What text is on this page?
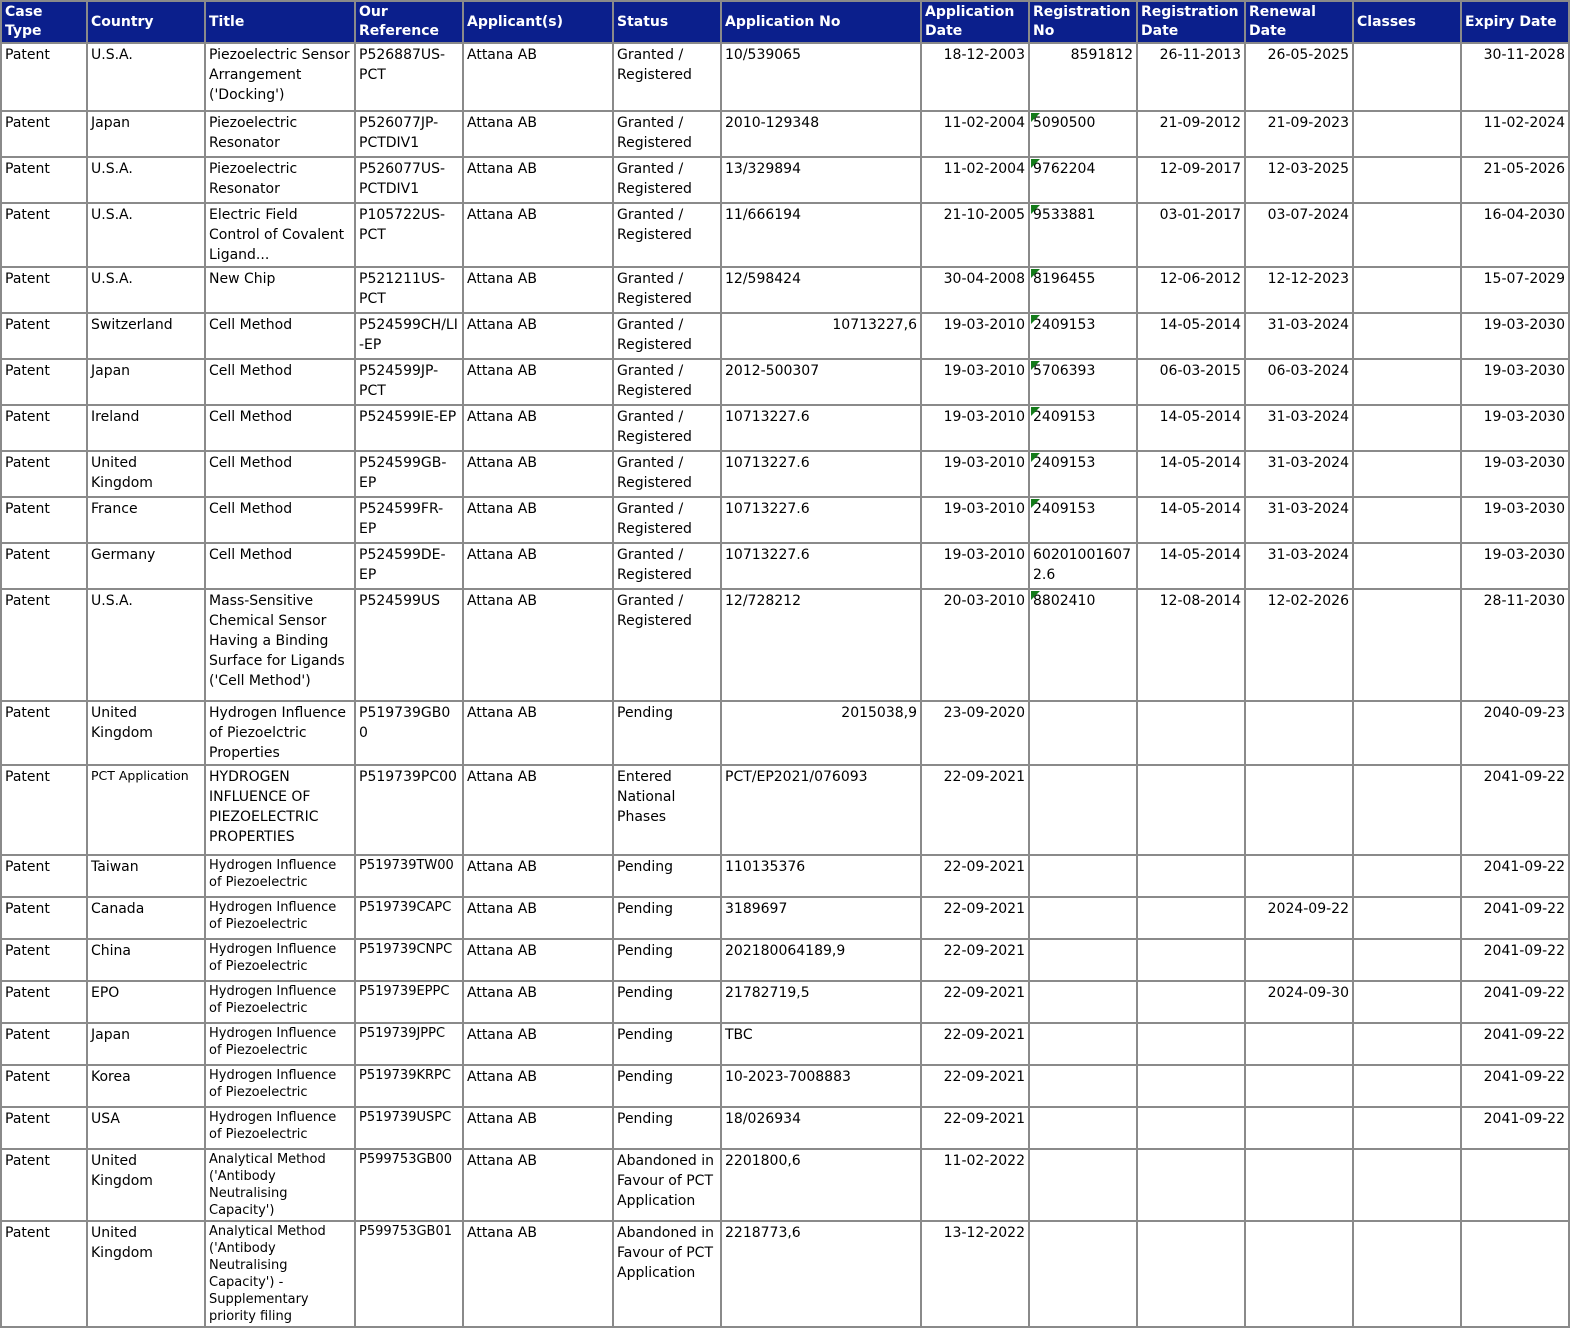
Case Type	Country	Title	Our Reference	Applicant(s)	Status	Application No	Application Date	Registration No	Registration Date	Renewal Date	Classes	Expiry Date
Patent	U.S.A.	Piezoelectric Sensor Arrangement ('Docking')	P526887US-PCT	Attana AB	Granted / Registered	10/539065	18-12-2003	8591812	26-11-2013	26-05-2025		30-11-2028
Patent	Japan	Piezoelectric Resonator	P526077JP-PCTDIV1	Attana AB	Granted / Registered	2010-129348	11-02-2004	5090500	21-09-2012	21-09-2023		11-02-2024
Patent	U.S.A.	Piezoelectric Resonator	P526077US-PCTDIV1	Attana AB	Granted / Registered	13/329894	11-02-2004	9762204	12-09-2017	12-03-2025		21-05-2026
Patent	U.S.A.	Electric Field Control of Covalent Ligand...	P105722US-PCT	Attana AB	Granted / Registered	11/666194	21-10-2005	9533881	03-01-2017	03-07-2024		16-04-2030
Patent	U.S.A.	New Chip	P521211US-PCT	Attana AB	Granted / Registered	12/598424	30-04-2008	8196455	12-06-2012	12-12-2023		15-07-2029
Patent	Switzerland	Cell Method	P524599CH/LI-EP	Attana AB	Granted / Registered	10713227,6	19-03-2010	2409153	14-05-2014	31-03-2024		19-03-2030
Patent	Japan	Cell Method	P524599JP-PCT	Attana AB	Granted / Registered	2012-500307	19-03-2010	5706393	06-03-2015	06-03-2024		19-03-2030
Patent	Ireland	Cell Method	P524599IE-EP	Attana AB	Granted / Registered	10713227.6	19-03-2010	2409153	14-05-2014	31-03-2024		19-03-2030
Patent	United Kingdom	Cell Method	P524599GB-EP	Attana AB	Granted / Registered	10713227.6	19-03-2010	2409153	14-05-2014	31-03-2024		19-03-2030
Patent	France	Cell Method	P524599FR-EP	Attana AB	Granted / Registered	10713227.6	19-03-2010	2409153	14-05-2014	31-03-2024		19-03-2030
Patent	Germany	Cell Method	P524599DE-EP	Attana AB	Granted / Registered	10713227.6	19-03-2010	602010016072.6	14-05-2014	31-03-2024		19-03-2030
Patent	U.S.A.	Mass-Sensitive Chemical Sensor Having a Binding Surface for Ligands ('Cell Method')	P524599US	Attana AB	Granted / Registered	12/728212	20-03-2010	8802410	12-08-2014	12-02-2026		28-11-2030
Patent	United Kingdom	Hydrogen Influence of Piezoelctric Properties	P519739GB00	Attana AB	Pending	2015038,9	23-09-2020					2040-09-23
Patent	PCT Application	HYDROGEN INFLUENCE OF PIEZOELECTRIC PROPERTIES	P519739PC00	Attana AB	Entered National Phases	PCT/EP2021/076093	22-09-2021					2041-09-22
Patent	Taiwan	Hydrogen Influence of Piezoelectric	P519739TW00	Attana AB	Pending	110135376	22-09-2021					2041-09-22
Patent	Canada	Hydrogen Influence of Piezoelectric	P519739CAPC	Attana AB	Pending	3189697	22-09-2021			2024-09-22		2041-09-22
Patent	China	Hydrogen Influence of Piezoelectric	P519739CNPC	Attana AB	Pending	202180064189,9	22-09-2021					2041-09-22
Patent	EPO	Hydrogen Influence of Piezoelectric	P519739EPPC	Attana AB	Pending	21782719,5	22-09-2021			2024-09-30		2041-09-22
Patent	Japan	Hydrogen Influence of Piezoelectric	P519739JPPC	Attana AB	Pending	TBC	22-09-2021					2041-09-22
Patent	Korea	Hydrogen Influence of Piezoelectric	P519739KRPC	Attana AB	Pending	10-2023-7008883	22-09-2021					2041-09-22
Patent	USA	Hydrogen Influence of Piezoelectric	P519739USPC	Attana AB	Pending	18/026934	22-09-2021					2041-09-22
Patent	United Kingdom	Analytical Method ('Antibody Neutralising Capacity')	P599753GB00	Attana AB	Abandoned in Favour of PCT Application	2201800,6	11-02-2022					
Patent	United Kingdom	Analytical Method ('Antibody Neutralising Capacity') - Supplementary priority filing	P599753GB01	Attana AB	Abandoned in Favour of PCT Application	2218773,6	13-12-2022					
